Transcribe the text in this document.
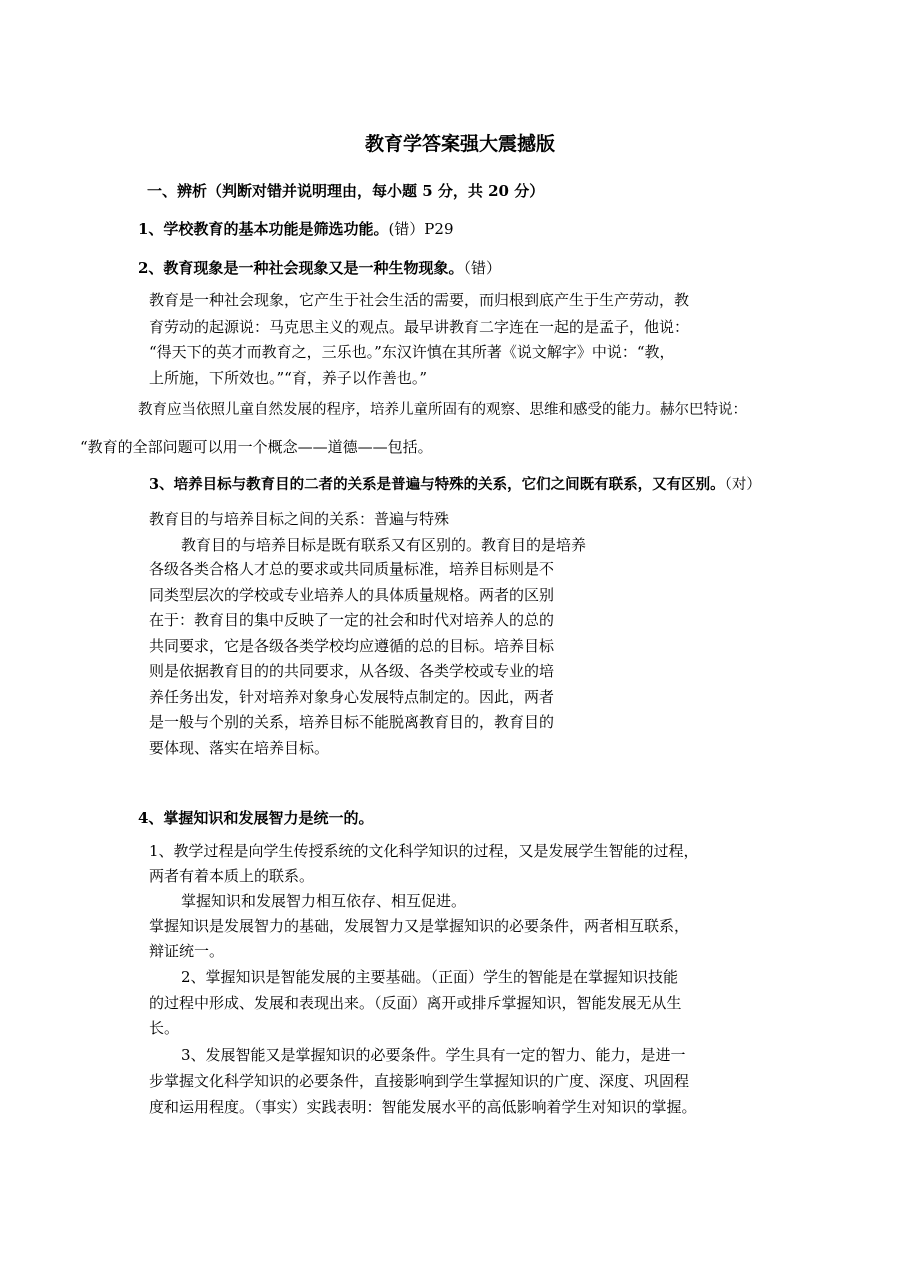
教育学答案强大震撼版

一、辨析（判断对错并说明理由，每小题 5 分，共 20 分）

1、学校教育的基本功能是筛选功能。(错）P29

2、教育现象是一种社会现象又是一种生物现象。（错）

教育是一种社会现象，它产生于社会生活的需要，而归根到底产生于生产劳动，教

育劳动的起源说：马克思主义的观点。最早讲教育二字连在一起的是孟子，他说：

“得天下的英才而教育之，三乐也。”东汉许慎在其所著《说文解字》中说：“教，

上所施，下所效也。”“育，养子以作善也。”

教育应当依照儿童自然发展的程序，培养儿童所固有的观察、思维和感受的能力。赫尔巴特说：

“教育的全部问题可以用一个概念——道德——包括。

3、培养目标与教育目的二者的关系是普遍与特殊的关系，它们之间既有联系，又有区别。（对）

教育目的与培养目标之间的关系：普遍与特殊

教育目的与培养目标是既有联系又有区别的。教育目的是培养

各级各类合格人才总的要求或共同质量标准，培养目标则是不

同类型层次的学校或专业培养人的具体质量规格。两者的区别

在于：教育目的集中反映了一定的社会和时代对培养人的总的

共同要求，它是各级各类学校均应遵循的总的目标。培养目标

则是依据教育目的的共同要求，从各级、各类学校或专业的培

养任务出发，针对培养对象身心发展特点制定的。因此，两者

是一般与个别的关系，培养目标不能脱离教育目的，教育目的

要体现、落实在培养目标。

4、掌握知识和发展智力是统一的。

1、教学过程是向学生传授系统的文化科学知识的过程，又是发展学生智能的过程，

两者有着本质上的联系。

掌握知识和发展智力相互依存、相互促进。

掌握知识是发展智力的基础，发展智力又是掌握知识的必要条件，两者相互联系，

辩证统一。

2、掌握知识是智能发展的主要基础。（正面）学生的智能是在掌握知识技能

的过程中形成、发展和表现出来。（反面）离开或排斥掌握知识，智能发展无从生

长。

3、发展智能又是掌握知识的必要条件。学生具有一定的智力、能力，是进一

步掌握文化科学知识的必要条件，直接影响到学生掌握知识的广度、深度、巩固程

度和运用程度。（事实）实践表明：智能发展水平的高低影响着学生对知识的掌握。
